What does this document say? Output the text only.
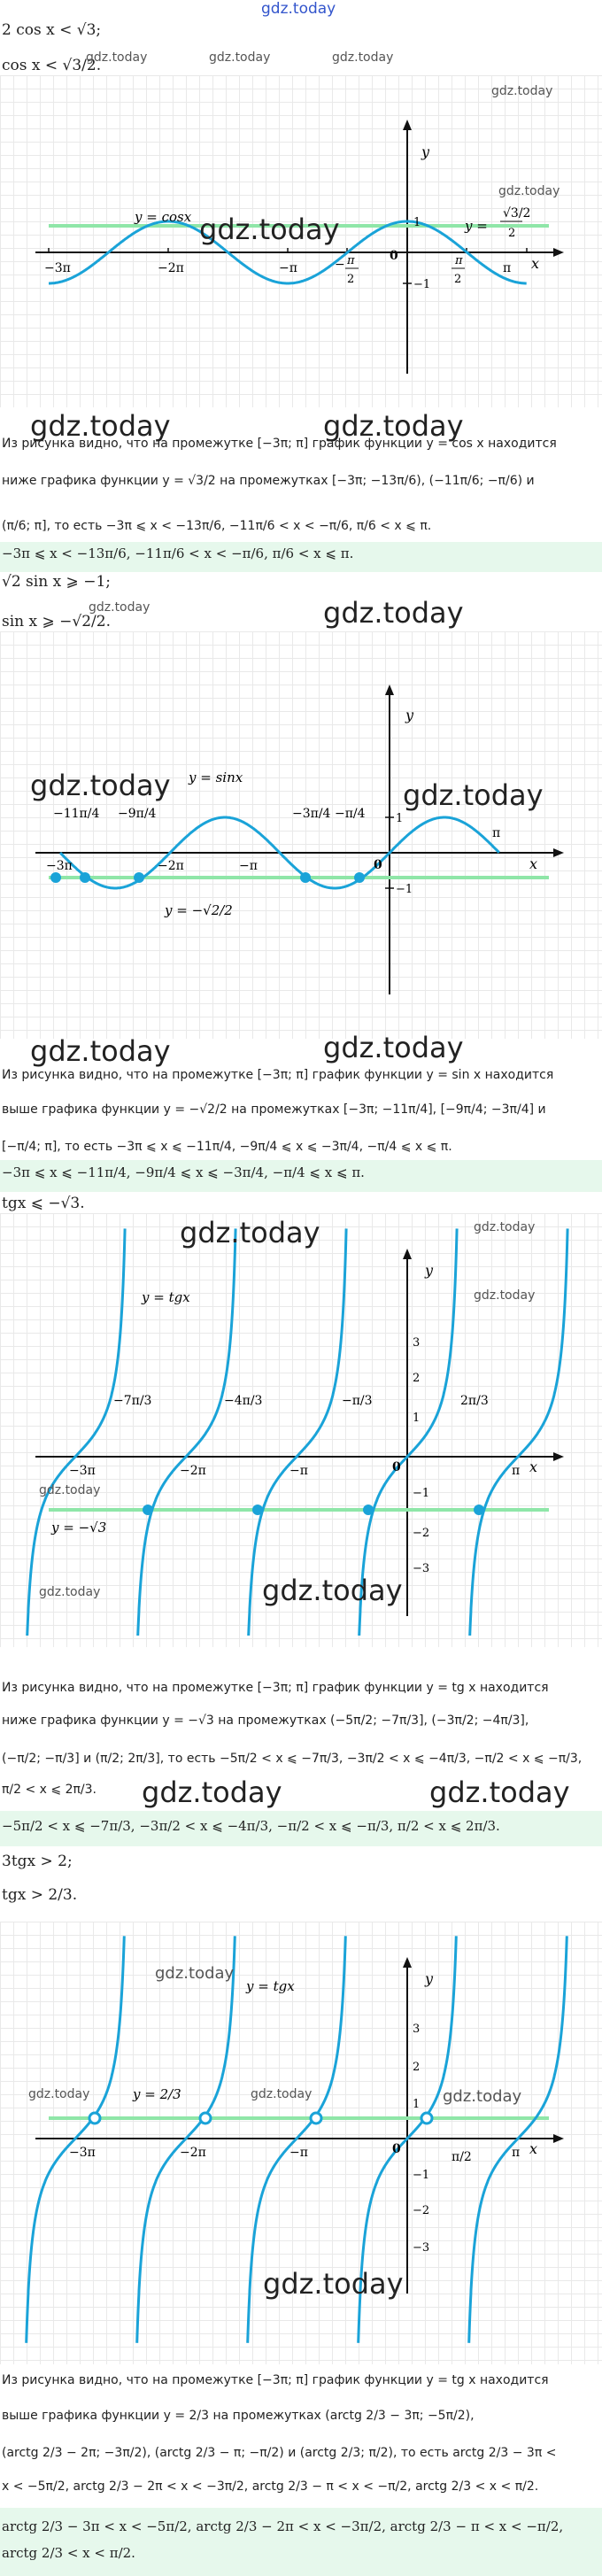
gdz.today
2 cos x < √3;
cos x < √3/2.
gdz.today	gdz.today	gdz.today
−3π	−2π	−π	− π
2
π
2
π
0	x
y
1
−1
y = cosx
y =
√3/2
2
gdz.today
gdz.today
gdz.today
gdz.today	gdz.today
Из рисунка видно, что на промежутке [−3π; π] график функции y = cos x находится
ниже графика функции y = √3/2 на промежутках [−3π; −13π/6), (−11π/6; −π/6) и
(π/6; π], то есть −3π ⩽ x < −13π/6, −11π/6 < x < −π/6, π/6 < x ⩽ π.
−3π ⩽ x < −13π/6, −11π/6 < x < −π/6, π/6 < x ⩽ π.
√2 sin x ⩾ −1;
sin x ⩾ −√2/2.
gdz.today	gdz.today
−3π	−2π	−π
π
−11π/4 −9π/4	−3π/4 −π/4
0	x
y
1
−1
y = sinx
y = −√2/2
gdz.today	gdz.today
gdz.today	gdz.today
Из рисунка видно, что на промежутке [−3π; π] график функции y = sin x находится
выше графика функции y = −√2/2 на промежутках [−3π; −11π/4], [−9π/4; −3π/4] и
[−π/4; π], то есть −3π ⩽ x ⩽ −11π/4, −9π/4 ⩽ x ⩽ −3π/4, −π/4 ⩽ x ⩽ π.
−3π ⩽ x ⩽ −11π/4, −9π/4 ⩽ x ⩽ −3π/4, −π/4 ⩽ x ⩽ π.
tgx ⩽ −√3.
−3π	−2π	−π	π
−7π/3	−4π/3	−π/3	2π/3
0	x
y
3
2
1
−1
−2
−3
y = tgx
y = −√3
gdz.today	gdz.today
gdz.today
gdz.today
gdz.today	gdz.today
Из рисунка видно, что на промежутке [−3π; π] график функции y = tg x находится
ниже графика функции y = −√3 на промежутках (−5π/2; −7π/3], (−3π/2; −4π/3],
(−π/2; −π/3] и (π/2; 2π/3], то есть −5π/2 < x ⩽ −7π/3, −3π/2 < x ⩽ −4π/3, −π/2 < x ⩽ −π/3,
π/2 < x ⩽ 2π/3. gdz.today	gdz.today
−5π/2 < x ⩽ −7π/3, −3π/2 < x ⩽ −4π/3, −π/2 < x ⩽ −π/3, π/2 < x ⩽ 2π/3.
3tgx > 2;
tgx > 2/3.
−3π	−2π	−π	π
π/2
0	x
y
3
2
1
−1
−2
−3
y = tgx
y = 2/3
gdz.today
gdz.today	gdz.today	gdz.today
gdz.today
Из рисунка видно, что на промежутке [−3π; π] график функции y = tg x находится
выше графика функции y = 2/3 на промежутках (arctg 2/3 − 3π; −5π/2),
(arctg 2/3 − 2π; −3π/2), (arctg 2/3 − π; −π/2) и (arctg 2/3; π/2), то есть arctg 2/3 − 3π <
x < −5π/2, arctg 2/3 − 2π < x < −3π/2, arctg 2/3 − π < x < −π/2, arctg 2/3 < x < π/2.
arctg 2/3 − 3π < x < −5π/2, arctg 2/3 − 2π < x < −3π/2, arctg 2/3 − π < x < −π/2,
arctg 2/3 < x < π/2.
